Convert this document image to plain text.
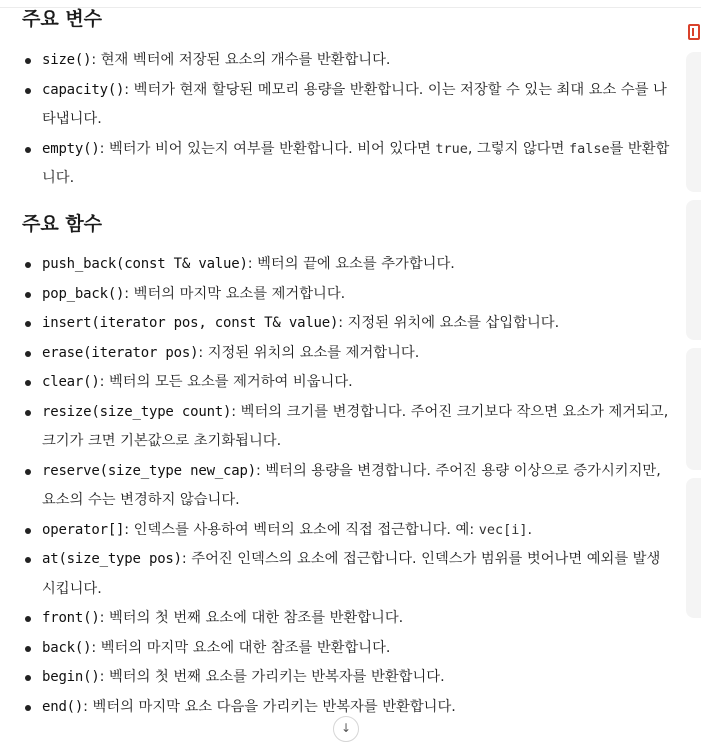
주요 변수
size(): 현재 벡터에 저장된 요소의 개수를 반환합니다.
capacity(): 벡터가 현재 할당된 메모리 용량을 반환합니다. 이는 저장할 수 있는 최대 요소 수를 나타냅니다.
empty(): 벡터가 비어 있는지 여부를 반환합니다. 비어 있다면 true, 그렇지 않다면 false를 반환합니다.
주요 함수
push_back(const T& value): 벡터의 끝에 요소를 추가합니다.
pop_back(): 벡터의 마지막 요소를 제거합니다.
insert(iterator pos, const T& value): 지정된 위치에 요소를 삽입합니다.
erase(iterator pos): 지정된 위치의 요소를 제거합니다.
clear(): 벡터의 모든 요소를 제거하여 비웁니다.
resize(size_type count): 벡터의 크기를 변경합니다. 주어진 크기보다 작으면 요소가 제거되고, 크기가 크면 기본값으로 초기화됩니다.
reserve(size_type new_cap): 벡터의 용량을 변경합니다. 주어진 용량 이상으로 증가시키지만, 요소의 수는 변경하지 않습니다.
operator[]: 인덱스를 사용하여 벡터의 요소에 직접 접근합니다. 예: vec[i].
at(size_type pos): 주어진 인덱스의 요소에 접근합니다. 인덱스가 범위를 벗어나면 예외를 발생시킵니다.
front(): 벡터의 첫 번째 요소에 대한 참조를 반환합니다.
back(): 벡터의 마지막 요소에 대한 참조를 반환합니다.
begin(): 벡터의 첫 번째 요소를 가리키는 반복자를 반환합니다.
end(): 벡터의 마지막 요소 다음을 가리키는 반복자를 반환합니다.
↓
